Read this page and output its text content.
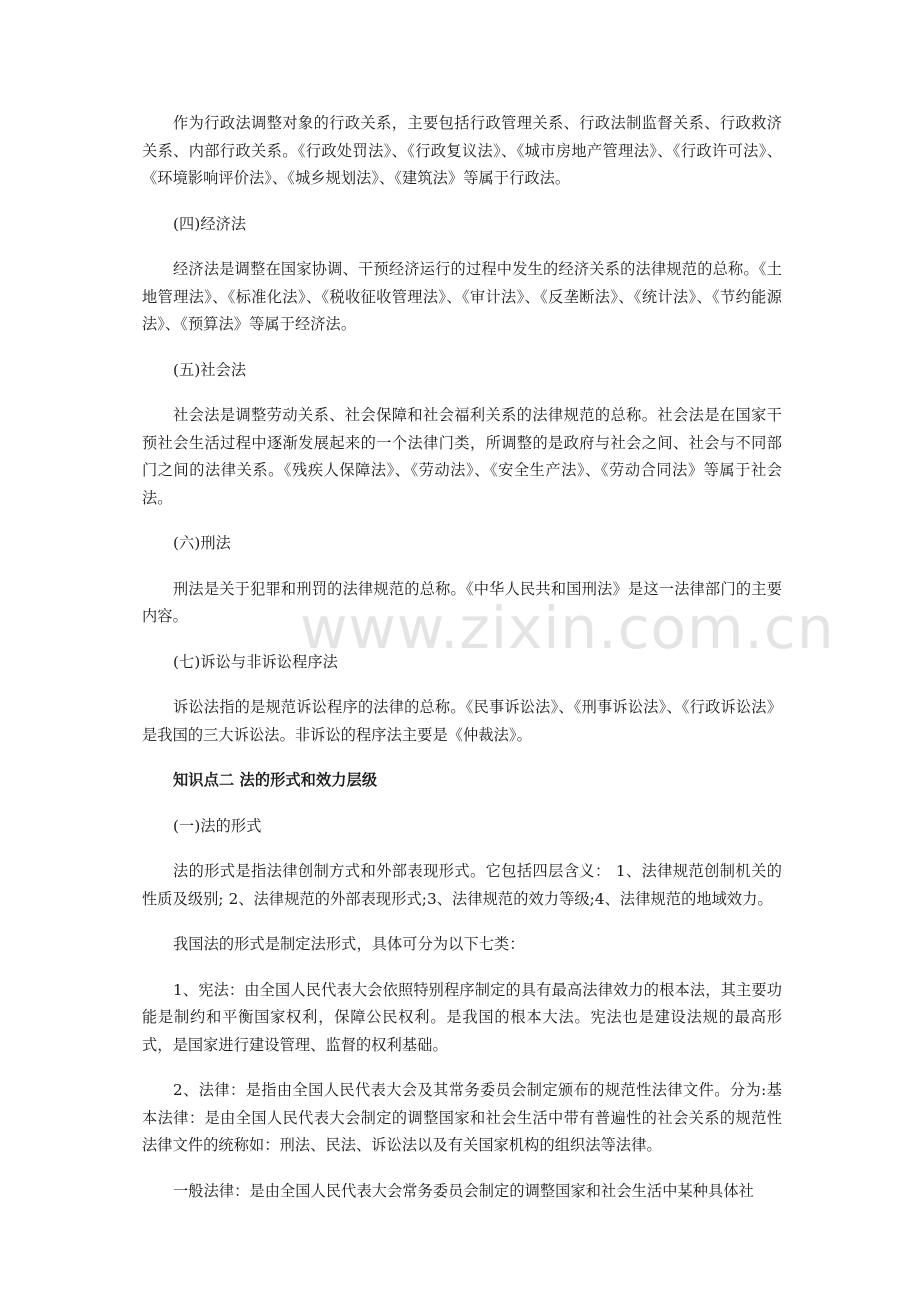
作为行政法调整对象的行政关系，主要包括行政管理关系、行政法制监督关系、行政救济关系、内部行政关系。《行政处罚法》、《行政复议法》、《城市房地产管理法》、《行政许可法》、《环境影响评价法》、《城乡规划法》、《建筑法》等属于行政法。

(四)经济法

经济法是调整在国家协调、干预经济运行的过程中发生的经济关系的法律规范的总称。《土地管理法》、《标准化法》、《税收征收管理法》、《审计法》、《反垄断法》、《统计法》、《节约能源法》、《预算法》等属于经济法。

(五)社会法

社会法是调整劳动关系、社会保障和社会福利关系的法律规范的总称。社会法是在国家干预社会生活过程中逐渐发展起来的一个法律门类，所调整的是政府与社会之间、社会与不同部门之间的法律关系。《残疾人保障法》、《劳动法》、《安全生产法》、《劳动合同法》等属于社会法。

(六)刑法

刑法是关于犯罪和刑罚的法律规范的总称。《中华人民共和国刑法》是这一法律部门的主要内容。

(七)诉讼与非诉讼程序法

诉讼法指的是规范诉讼程序的法律的总称。《民事诉讼法》、《刑事诉讼法》、《行政诉讼法》是我国的三大诉讼法。非诉讼的程序法主要是《仲裁法》。

知识点二 法的形式和效力层级

(一)法的形式

法的形式是指法律创制方式和外部表现形式。它包括四层含义： 1、法律规范创制机关的性质及级别; 2、法律规范的外部表现形式;3、法律规范的效力等级;4、法律规范的地域效力。

我国法的形式是制定法形式，具体可分为以下七类：

1、宪法：由全国人民代表大会依照特别程序制定的具有最高法律效力的根本法，其主要功能是制约和平衡国家权利，保障公民权利。是我国的根本大法。宪法也是建设法规的最高形式，是国家进行建设管理、监督的权利基础。

2、法律：是指由全国人民代表大会及其常务委员会制定颁布的规范性法律文件。分为:基本法律：是由全国人民代表大会制定的调整国家和社会生活中带有普遍性的社会关系的规范性法律文件的统称如：刑法、民法、诉讼法以及有关国家机构的组织法等法律。

一般法律：是由全国人民代表大会常务委员会制定的调整国家和社会生活中某种具体社

www.zixin.com.cn
